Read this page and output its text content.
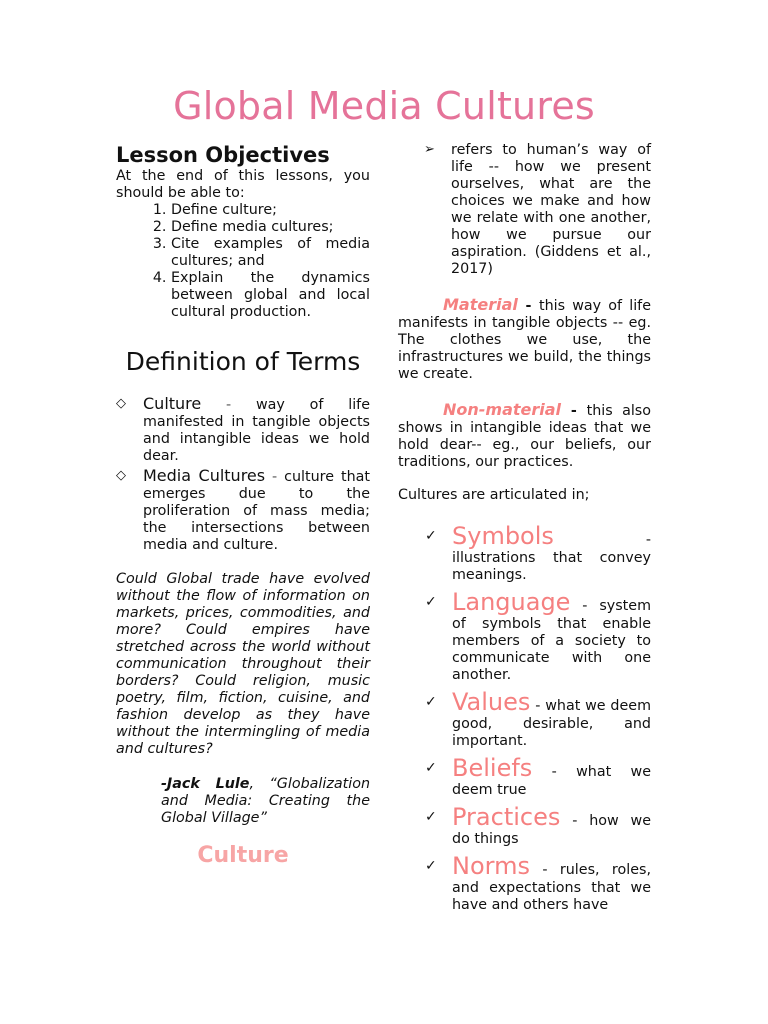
Global Media Cultures
Lesson Objectives
At the end of this lessons, you should be able to:
1. Define culture;
2. Define media cultures;
3. Cite examples of media cultures; and
4. Explain the dynamics between global and local cultural production.
Definition of Terms
◇ Culture - way of life manifested in tangible objects and intangible ideas we hold dear.
◇ Media Cultures - culture that emerges due to the proliferation of mass media; the intersections between media and culture.
Could Global trade have evolved without the flow of information on markets, prices, commodities, and more? Could empires have stretched across the world without communication throughout their borders? Could religion, music poetry, film, fiction, cuisine, and fashion develop as they have without the intermingling of media and cultures?
-Jack Lule, “Globalization and Media: Creating the Global Village”
Culture
➢ refers to human’s way of life -- how we present ourselves, what are the choices we make and how we relate with one another, how we pursue our aspiration. (Giddens et al., 2017)
Material - this way of life manifests in tangible objects -- eg. The clothes we use, the infrastructures we build, the things we create.
Non-material - this also shows in intangible ideas that we hold dear-- eg., our beliefs, our traditions, our practices.
Cultures are articulated in;
✓ Symbols - illustrations that convey meanings.
✓ Language - system of symbols that enable members of a society to communicate with one another.
✓ Values - what we deem good, desirable, and important.
✓ Beliefs - what we deem true
✓ Practices - how we do things
✓ Norms - rules, roles, and expectations that we have and others have
